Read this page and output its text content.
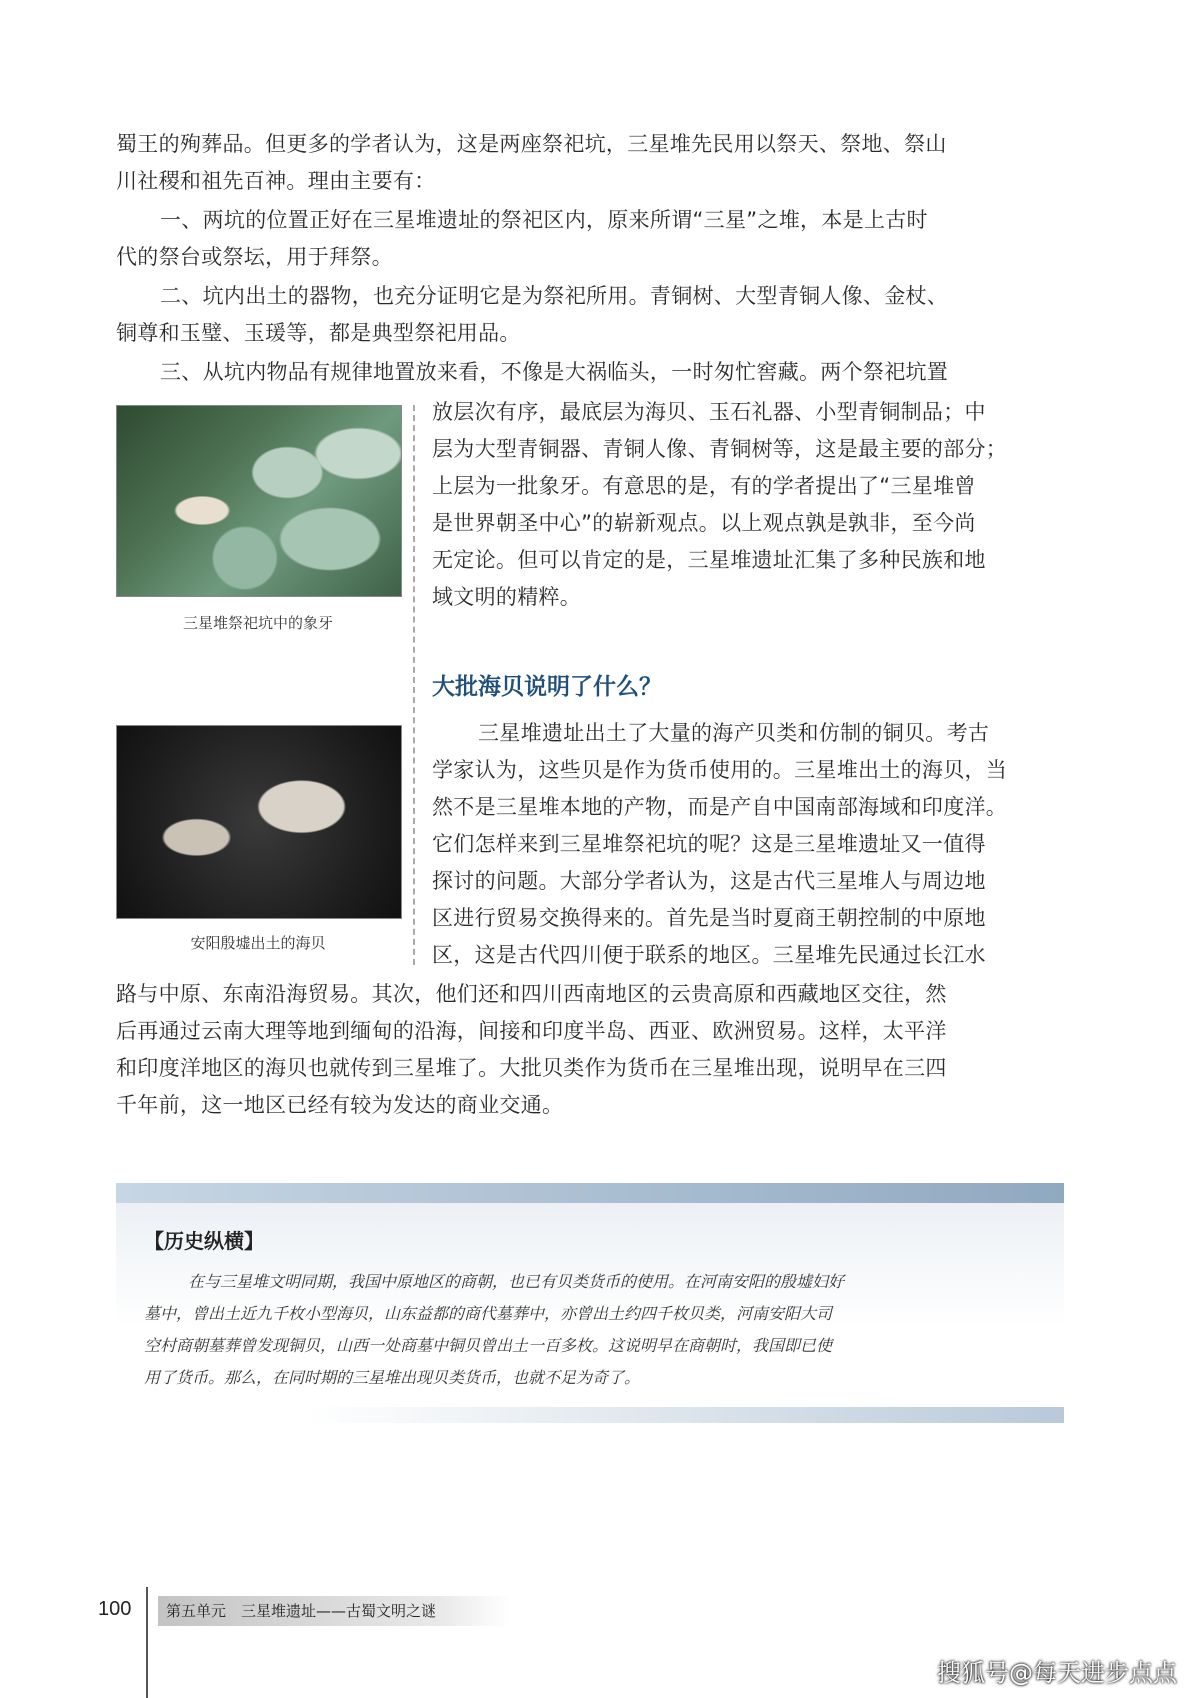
蜀王的殉葬品。但更多的学者认为，这是两座祭祀坑，三星堆先民用以祭天、祭地、祭山
川社稷和祖先百神。理由主要有：
一、两坑的位置正好在三星堆遗址的祭祀区内，原来所谓“三星”之堆，本是上古时
代的祭台或祭坛，用于拜祭。
二、坑内出土的器物，也充分证明它是为祭祀所用。青铜树、大型青铜人像、金杖、
铜尊和玉璧、玉瑗等，都是典型祭祀用品。
三、从坑内物品有规律地置放来看，不像是大祸临头，一时匆忙窖藏。两个祭祀坑置
放层次有序，最底层为海贝、玉石礼器、小型青铜制品；中
层为大型青铜器、青铜人像、青铜树等，这是最主要的部分；
上层为一批象牙。有意思的是，有的学者提出了“三星堆曾
是世界朝圣中心”的崭新观点。以上观点孰是孰非，至今尚
无定论。但可以肯定的是，三星堆遗址汇集了多种民族和地
域文明的精粹。
三星堆祭祀坑中的象牙
安阳殷墟出土的海贝
大批海贝说明了什么？
三星堆遗址出土了大量的海产贝类和仿制的铜贝。考古
学家认为，这些贝是作为货币使用的。三星堆出土的海贝，当
然不是三星堆本地的产物，而是产自中国南部海域和印度洋。
它们怎样来到三星堆祭祀坑的呢？这是三星堆遗址又一值得
探讨的问题。大部分学者认为，这是古代三星堆人与周边地
区进行贸易交换得来的。首先是当时夏商王朝控制的中原地
区，这是古代四川便于联系的地区。三星堆先民通过长江水
路与中原、东南沿海贸易。其次，他们还和四川西南地区的云贵高原和西藏地区交往，然
后再通过云南大理等地到缅甸的沿海，间接和印度半岛、西亚、欧洲贸易。这样，太平洋
和印度洋地区的海贝也就传到三星堆了。大批贝类作为货币在三星堆出现，说明早在三四
千年前，这一地区已经有较为发达的商业交通。
【历史纵横】
在与三星堆文明同期，我国中原地区的商朝，也已有贝类货币的使用。在河南安阳的殷墟妇好
墓中，曾出土近九千枚小型海贝，山东益都的商代墓葬中，亦曾出土约四千枚贝类，河南安阳大司
空村商朝墓葬曾发现铜贝，山西一处商墓中铜贝曾出土一百多枚。这说明早在商朝时，我国即已使
用了货币。那么，在同时期的三星堆出现贝类货币，也就不足为奇了。
100	第五单元　三星堆遗址——古蜀文明之谜
搜狐号@每天进步点点
